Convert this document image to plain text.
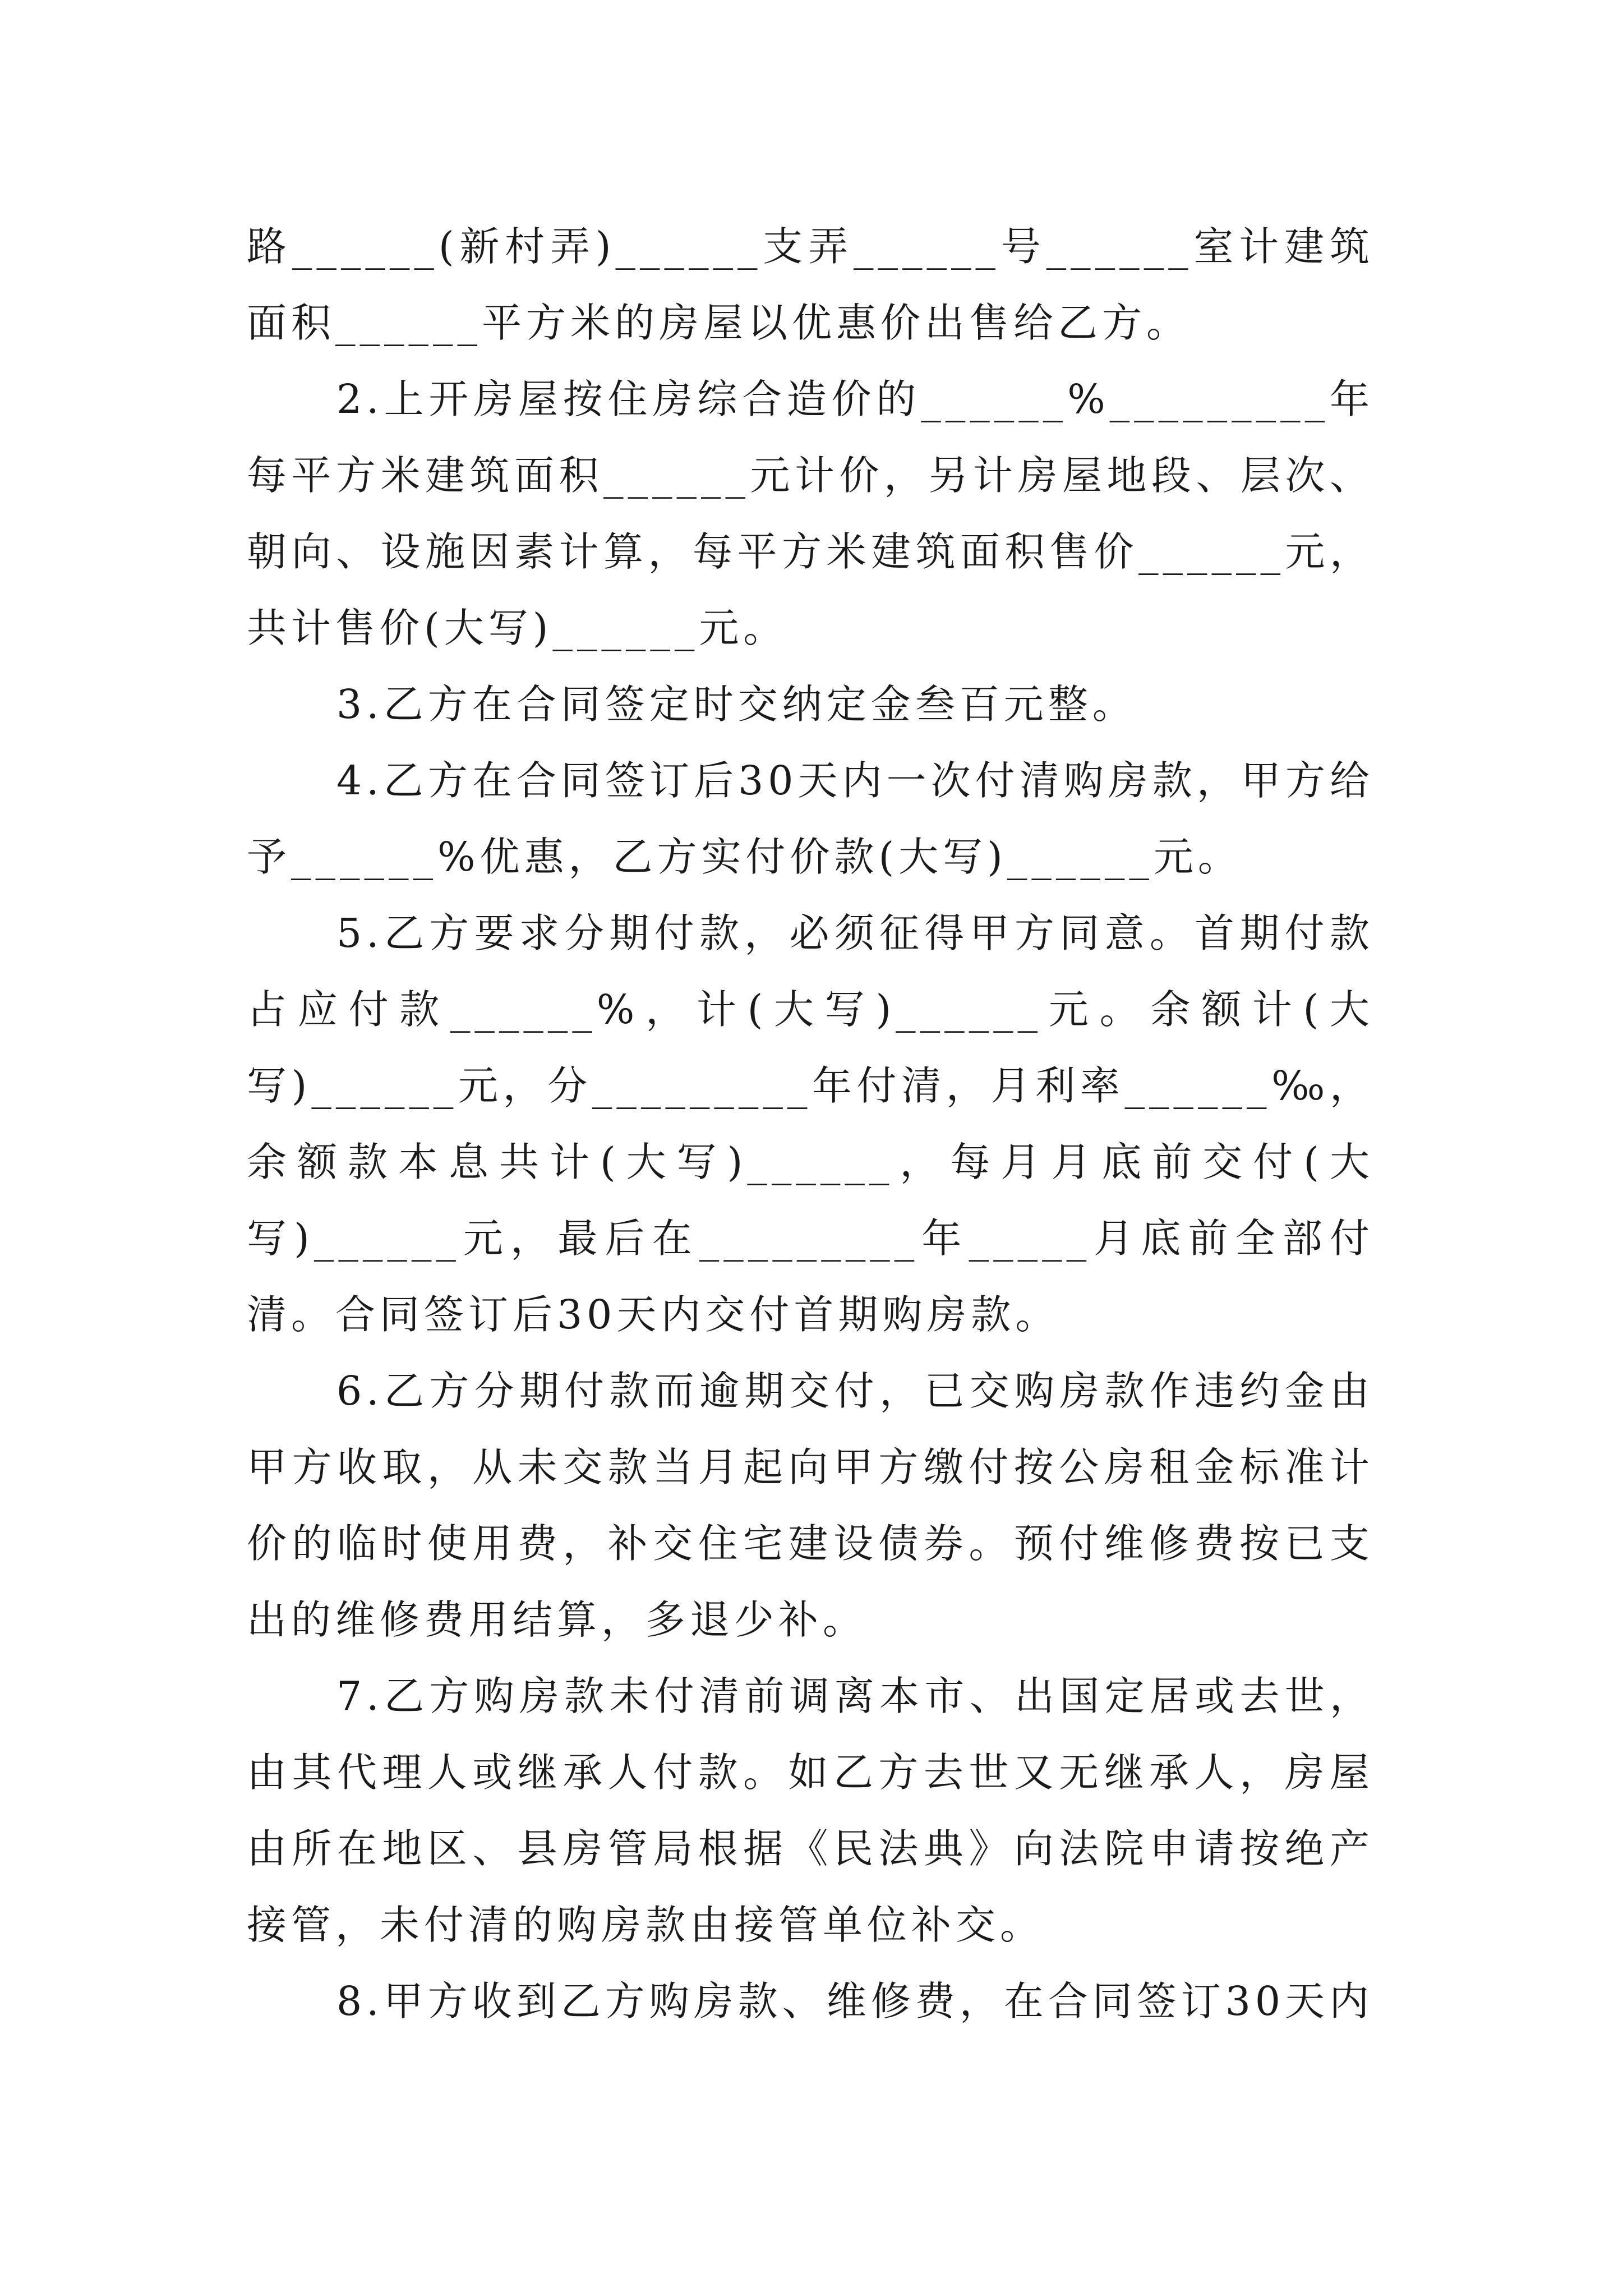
路______(新村弄)______支弄______号______室计建筑面积______平方米的房屋以优惠价出售给乙方。

2.上开房屋按住房综合造价的______%_________年每平方米建筑面积______元计价，另计房屋地段、层次、朝向、设施因素计算，每平方米建筑面积售价______元，共计售价(大写)______元。

3.乙方在合同签定时交纳定金叁百元整。

4.乙方在合同签订后30天内一次付清购房款，甲方给予______%优惠，乙方实付价款(大写)______元。

5.乙方要求分期付款，必须征得甲方同意。首期付款占应付款______%，计(大写)______元。余额计(大写)______元，分_________年付清，月利率______‰，余额款本息共计(大写)______，每月月底前交付(大写)______元，最后在_________年_____月底前全部付清。合同签订后30天内交付首期购房款。

6.乙方分期付款而逾期交付，已交购房款作违约金由甲方收取，从未交款当月起向甲方缴付按公房租金标准计价的临时使用费，补交住宅建设债券。预付维修费按已支出的维修费用结算，多退少补。

7.乙方购房款未付清前调离本市、出国定居或去世，由其代理人或继承人付款。如乙方去世又无继承人，房屋由所在地区、县房管局根据《民法典》向法院申请按绝产接管，未付清的购房款由接管单位补交。

8.甲方收到乙方购房款、维修费，在合同签订30天内
